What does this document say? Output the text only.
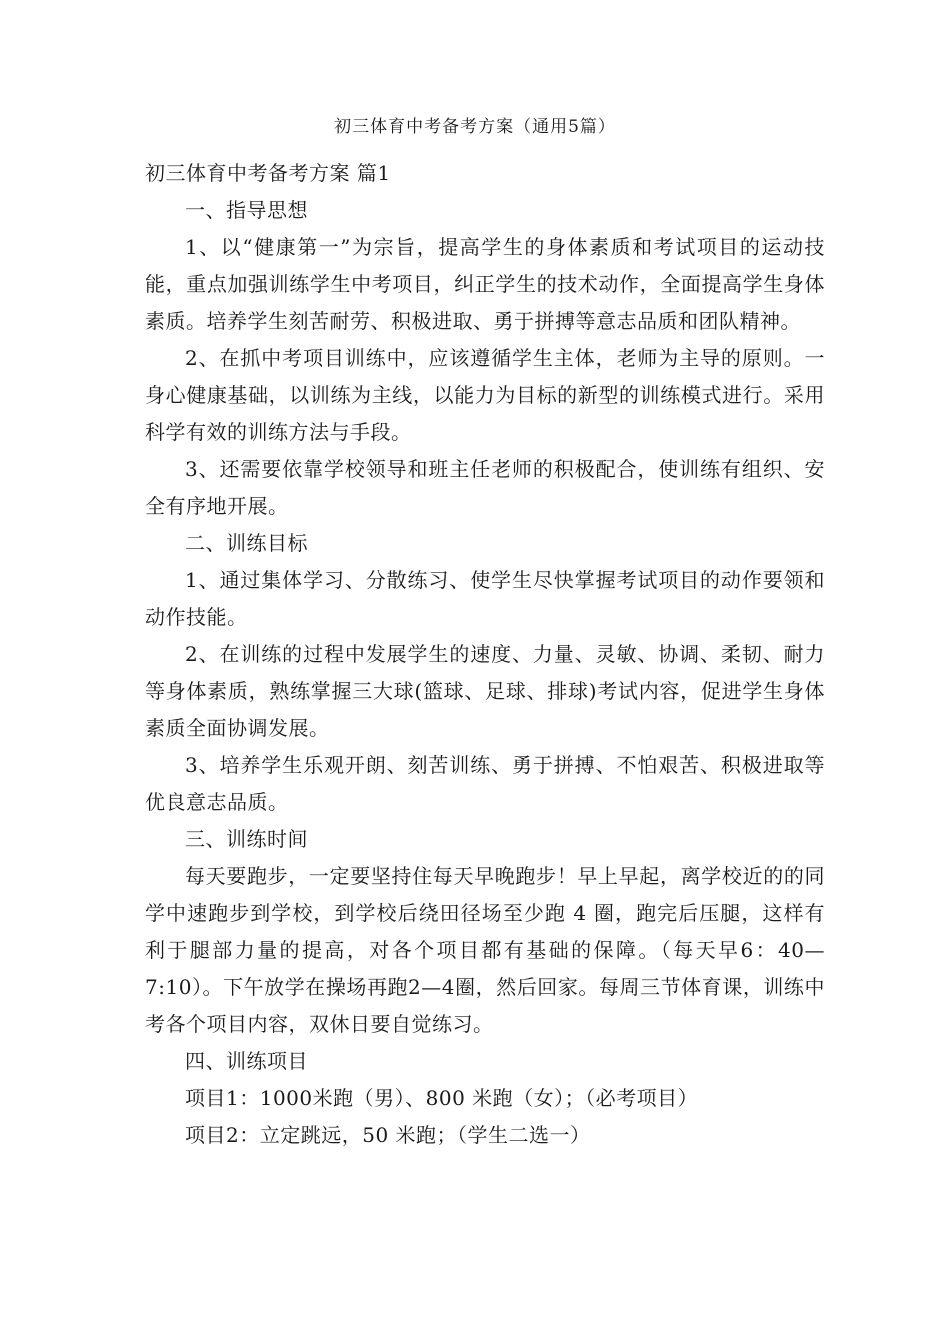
初三体育中考备考方案（通用5篇）
初三体育中考备考方案 篇1

一、指导思想

1、以“健康第一”为宗旨，提高学生的身体素质和考试项目的运动技能，重点加强训练学生中考项目，纠正学生的技术动作，全面提高学生身体素质。培养学生刻苦耐劳、积极进取、勇于拼搏等意志品质和团队精神。

2、在抓中考项目训练中，应该遵循学生主体，老师为主导的原则。一身心健康基础，以训练为主线，以能力为目标的新型的训练模式进行。采用科学有效的训练方法与手段。

3、还需要依靠学校领导和班主任老师的积极配合，使训练有组织、安全有序地开展。

二、训练目标

1、通过集体学习、分散练习、使学生尽快掌握考试项目的动作要领和动作技能。

2、在训练的过程中发展学生的速度、力量、灵敏、协调、柔韧、耐力等身体素质，熟练掌握三大球(篮球、足球、排球)考试内容，促进学生身体素质全面协调发展。

3、培养学生乐观开朗、刻苦训练、勇于拼搏、不怕艰苦、积极进取等优良意志品质。

三、训练时间

每天要跑步，一定要坚持住每天早晚跑步！早上早起，离学校近的的同学中速跑步到学校，到学校后绕田径场至少跑 4 圈，跑完后压腿，这样有利于腿部力量的提高，对各个项目都有基础的保障。（每天早6：40—7:10）。下午放学在操场再跑2—4圈，然后回家。每周三节体育课，训练中考各个项目内容，双休日要自觉练习。

四、训练项目

项目1：1000米跑（男）、800 米跑（女）；（必考项目）

项目2：立定跳远，50 米跑；（学生二选一）
